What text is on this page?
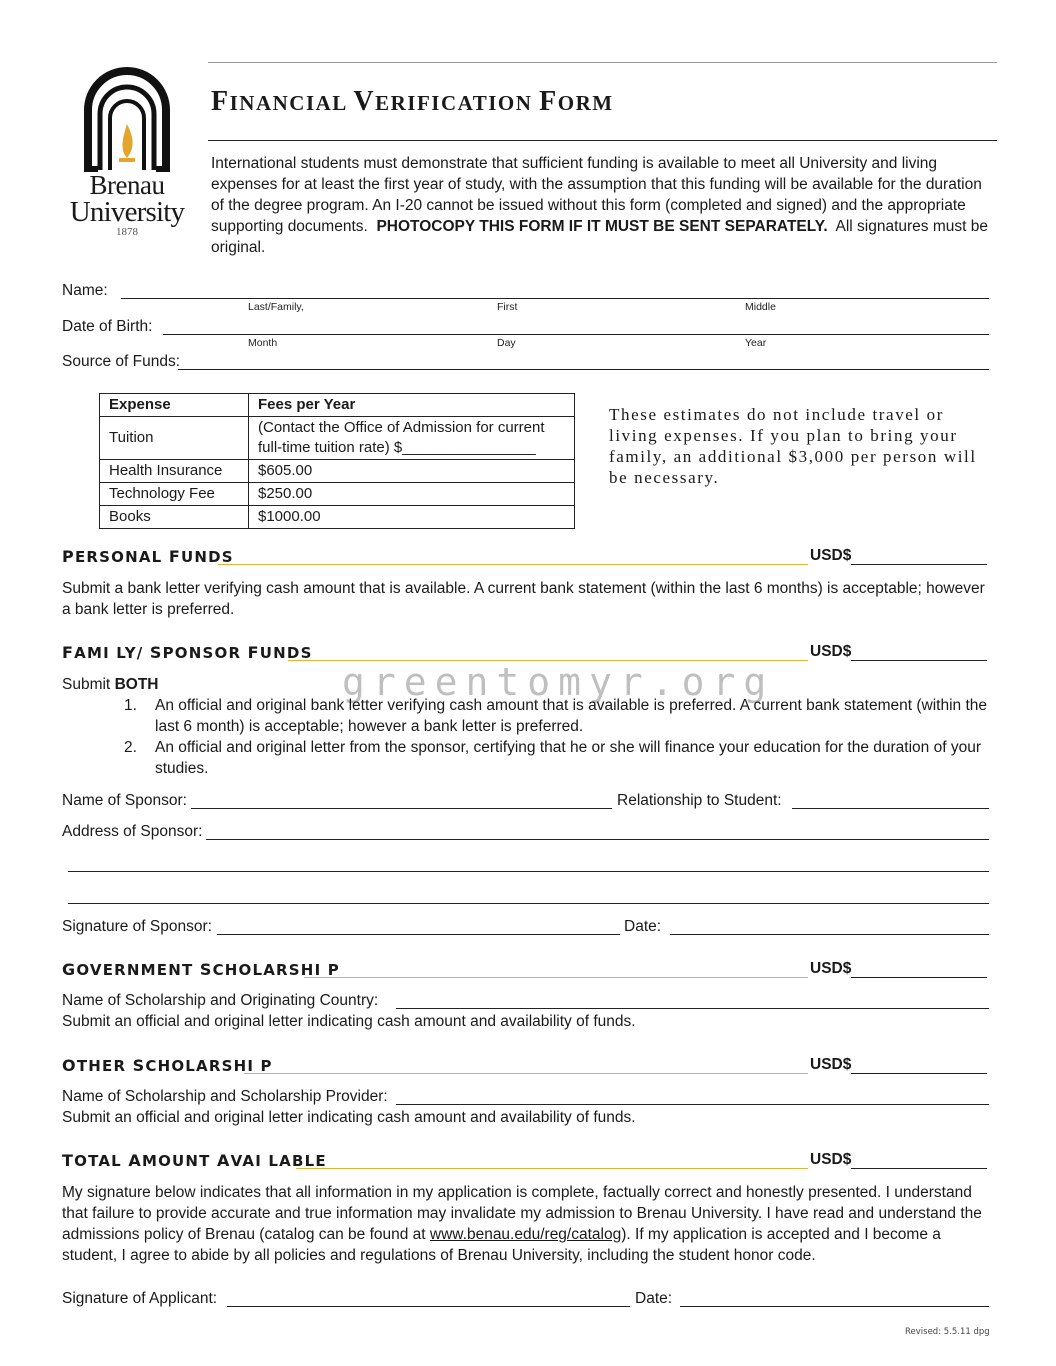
Brenau
University
1878
FINANCIAL VERIFICATION FORM
International students must demonstrate that sufficient funding is available to meet all University and living expenses for at least the first year of study, with the assumption that this funding will be available for the duration of the degree program. An I-20 cannot be issued without this form (completed and signed) and the appropriate supporting documents. PHOTOCOPY THIS FORM IF IT MUST BE SENT SEPARATELY. All signatures must be original.
Name:
Last/Family,	First	Middle
Date of Birth:
Month	Day	Year
Source of Funds:
Expense	Fees per Year
Tuition	(Contact the Office of Admission for current full-time tuition rate) $________________
Health Insurance	$605.00
Technology Fee	$250.00
Books	$1000.00
These estimates do not include travel or living expenses. If you plan to bring your family, an additional $3,000 per person will be necessary.
PERSONAL FUNDS	USD$
Submit a bank letter verifying cash amount that is available. A current bank statement (within the last 6 months) is acceptable; however a bank letter is preferred.
FAMI LY/ SPONSOR FUNDS	USD$
Submit BOTH
1. An official and original bank letter verifying cash amount that is available is preferred. A current bank statement (within the last 6 month) is acceptable; however a bank letter is preferred.
2. An official and original letter from the sponsor, certifying that he or she will finance your education for the duration of your studies.
greentomyr.org
Name of Sponsor:	Relationship to Student:
Address of Sponsor:
Signature of Sponsor:	Date:
GOVERNMENT SCHOLARSHI P	USD$
Name of Scholarship and Originating Country:
Submit an official and original letter indicating cash amount and availability of funds.
OTHER SCHOLARSHI P	USD$
Name of Scholarship and Scholarship Provider:
Submit an official and original letter indicating cash amount and availability of funds.
TOTAL AMOUNT AVAI LABLE	USD$
My signature below indicates that all information in my application is complete, factually correct and honestly presented. I understand that failure to provide accurate and true information may invalidate my admission to Brenau University. I have read and understand the admissions policy of Brenau (catalog can be found at www.benau.edu/reg/catalog). If my application is accepted and I become a student, I agree to abide by all policies and regulations of Brenau University, including the student honor code.
Signature of Applicant:	Date:
Revised: 5.5.11 dpg
